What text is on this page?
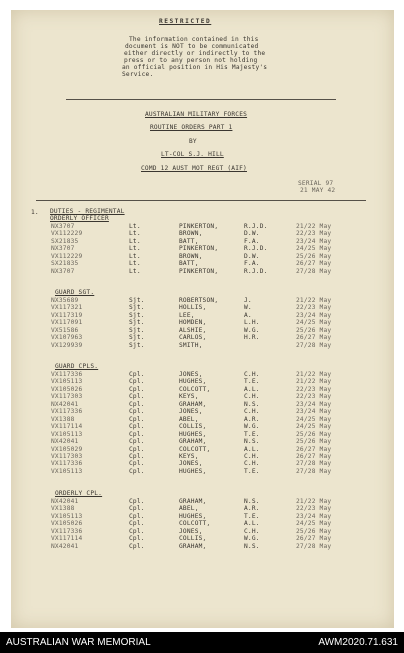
RESTRICTED
The information contained in this
document is NOT to be communicated
either directly or indirectly to the
press or to any person not holding
an official position in His Majesty's
Service.
AUSTRALIAN MILITARY FORCES
ROUTINE ORDERS PART 1
BY
LT-COL S.J. HILL
COMD 12 AUST MOT REGT (AIF)
SERIAL 97
21 MAY 42
1. DUTIES - REGIMENTAL
ORDERLY OFFICER
NX3707	Lt.	PINKERTON,	R.J.D.	21/22 May
VX112229	Lt.	BROWN,	D.W.	22/23 May
SX21835	Lt.	BATT,	F.A.	23/24 May
NX3707	Lt.	PINKERTON,	R.J.D.	24/25 May
VX112229	Lt.	BROWN,	D.W.	25/26 May
SX21835	Lt.	BATT,	F.A.	26/27 May
NX3707	Lt.	PINKERTON,	R.J.D.	27/28 May
GUARD SGT.
NX35689	Sjt.	ROBERTSON,	J.	21/22 May
VX117321	Sjt.	HOLLIS,	W.	22/23 May
VX117319	Sjt.	LEE,	A.	23/24 May
VX117091	Sjt.	HOMDEN,	L.H.	24/25 May
VX51586	Sjt.	ALSHIE,	W.G.	25/26 May
VX107963	Sjt.	CARLOS,	H.R.	26/27 May
VX129939	Sjt.	SMITH,	27/28 May
GUARD CPLS.
VX117336	Cpl.	JONES,	C.H.	21/22 May
VX105113	Cpl.	HUGHES,	T.E.	21/22 May
VX105026	Cpl.	COLCOTT,	A.L.	22/23 May
VX117303	Cpl.	KEYS,	C.H.	22/23 May
NX42041	Cpl.	GRAHAM,	N.S.	23/24 May
VX117336	Cpl.	JONES,	C.H.	23/24 May
VX1388	Cpl.	ABEL,	A.R.	24/25 May
VX117114	Cpl.	COLLIS,	W.G.	24/25 May
VX105113	Cpl.	HUGHES,	T.E.	25/26 May
NX42041	Cpl.	GRAHAM,	N.S.	25/26 May
VX105029	Cpl.	COLCOTT,	A.L.	26/27 May
VX117303	Cpl.	KEYS,	C.H.	26/27 May
VX117336	Cpl.	JONES,	C.H.	27/28 May
VX105113	Cpl.	HUGHES,	T.E.	27/28 May
ORDERLY CPL.
NX42041	Cpl.	GRAHAM,	N.S.	21/22 May
VX1388	Cpl.	ABEL,	A.R.	22/23 May
VX105113	Cpl.	HUGHES,	T.E.	23/24 May
VX105026	Cpl.	COLCOTT,	A.L.	24/25 May
VX117336	Cpl.	JONES,	C.H.	25/26 May
VX117114	Cpl.	COLLIS,	W.G.	26/27 May
NX42041	Cpl.	GRAHAM,	N.S.	27/28 May
AUSTRALIAN WAR MEMORIAL	AWM2020.71.631
